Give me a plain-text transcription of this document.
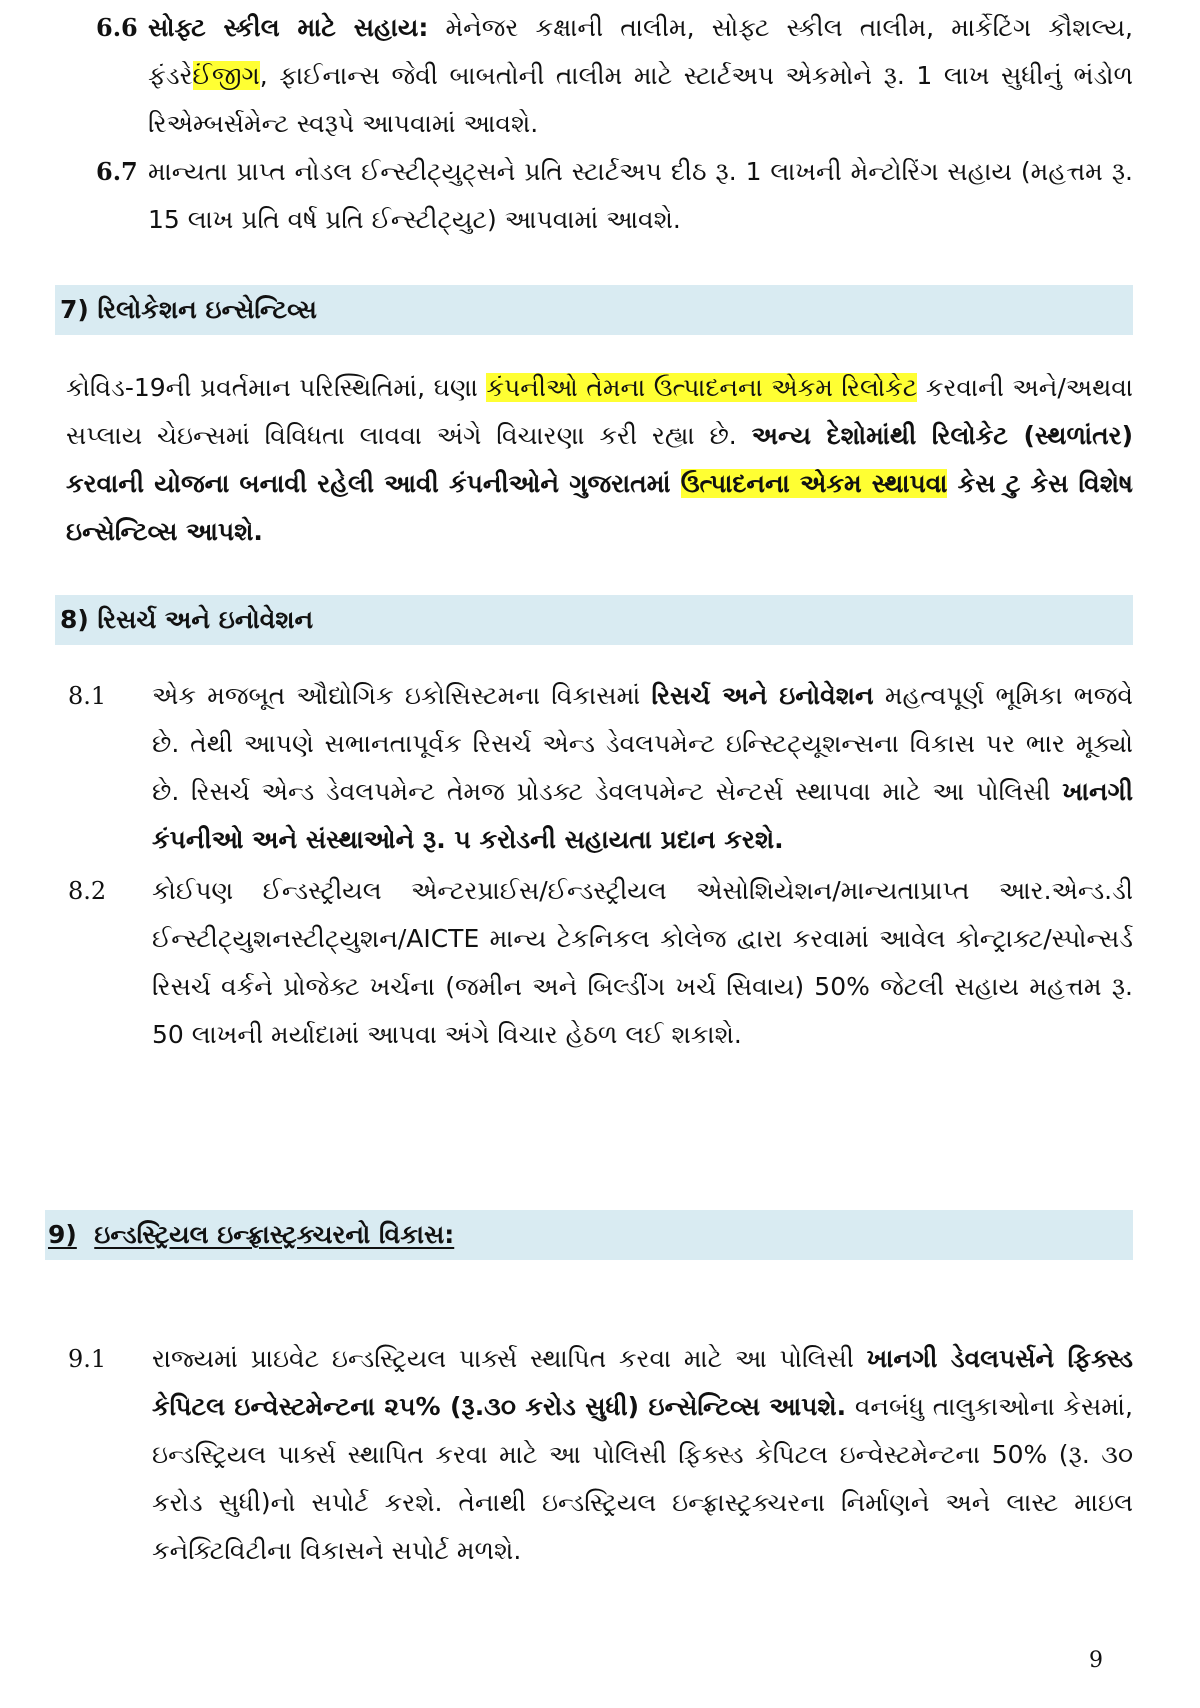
6.6 સોફ્ટ સ્કીલ માટે સહાય: મેનેજર કક્ષાની તાલીમ, સોફ્ટ સ્કીલ તાલીમ, માર્કેટિંગ કૌશલ્ય, ફંડરેઈંજીગ, ફાઈનાન્સ જેવી બાબતોની તાલીમ માટે સ્ટાર્ટઅપ એકમોને રૂ. 1 લાખ સુધીનું ભંડોળ રિએમ્બર્સમેન્ટ સ્વરૂપે આપવામાં આવશે.

6.7 માન્યતા પ્રાપ્ત નોડલ ઈન્સ્ટીટ્યુટ્સને પ્રતિ સ્ટાર્ટઅપ દીઠ રૂ. 1 લાખની મેન્ટોરિંગ સહાય (મહત્તમ રૂ. 15 લાખ પ્રતિ વર્ષ પ્રતિ ઈન્સ્ટીટ્યુટ) આપવામાં આવશે.

7) રિલોકેશન ઇન્સેન્ટિવ્સ

કોવિડ-19ની પ્રવર્તમાન પરિસ્થિતિમાં, ઘણા કંપનીઓ તેમના ઉત્પાદનના એકમ રિલોકેટ કરવાની અને/અથવા સપ્લાય ચેઇન્સમાં વિવિધતા લાવવા અંગે વિચારણા કરી રહ્યા છે. અન્ય દેશોમાંથી રિલોકેટ (સ્થળાંતર) કરવાની યોજના બનાવી રહેલી આવી કંપનીઓને ગુજરાતમાં ઉત્પાદનના એકમ સ્થાપવા કેસ ટુ કેસ વિશેષ ઇન્સેન્ટિવ્સ આપશે.

8) રિસર્ચ અને ઇનોવેશન
8.1 એક મજબૂત ઔદ્યોગિક ઇકોસિસ્ટમના વિકાસમાં રિસર્ચ અને ઇનોવેશન મહત્વપૂર્ણ ભૂમિકા ભજવે છે. તેથી આપણે સભાનતાપૂર્વક રિસર્ચ એન્ડ ડેવલપમેન્ટ ઇન્સ્ટિટ્યૂશન્સના વિકાસ પર ભાર મૂક્યો છે. રિસર્ચ એન્ડ ડેવલપમેન્ટ તેમજ પ્રોડક્ટ ડેવલપમેન્ટ સેન્ટર્સ સ્થાપવા માટે આ પોલિસી ખાનગી કંપનીઓ અને સંસ્થાઓને રૂ. ૫ કરોડની સહાયતા પ્રદાન કરશે.

8.2 કોઈપણ ઈન્ડસ્ટ્રીયલ એન્ટરપ્રાઈસ/ઈન્ડસ્ટ્રીયલ એસોશિયેશન/માન્યતાપ્રાપ્ત આર.એન્ડ.ડી ઈન્સ્ટીટ્યુશનસ્ટીટ્યુશન/AICTE માન્ય ટેકનિકલ કોલેજ દ્વારા કરવામાં આવેલ કોન્ટ્રાક્ટ/સ્પોન્સર્ડ રિસર્ચ વર્કને પ્રોજેક્ટ ખર્ચના (જમીન અને બિલ્ડીંગ ખર્ચ સિવાય) 50% જેટલી સહાય મહત્તમ રૂ. 50 લાખની મર્યાદામાં આપવા અંગે વિચાર હેઠળ લઈ શકાશે.

9) ઇન્ડસ્ટ્રિયલ ઇન્ફ્રાસ્ટ્રક્ચરનો વિકાસ:
9.1 રાજ્યમાં પ્રાઇવેટ ઇન્ડસ્ટ્રિયલ પાર્ક્સ સ્થાપિત કરવા માટે આ પોલિસી ખાનગી ડેવલપર્સને ફિક્સ્ડ કેપિટલ ઇન્વેસ્ટમેન્ટના ૨૫% (રૂ.૩૦ કરોડ સુધી) ઇન્સેન્ટિવ્સ આપશે. વનબંધુ તાલુકાઓના કેસમાં, ઇન્ડસ્ટ્રિયલ પાર્ક્સ સ્થાપિત કરવા માટે આ પોલિસી ફિક્સ્ડ કેપિટલ ઇન્વેસ્ટમેન્ટના 50% (રૂ. ૩૦ કરોડ સુધી)નો સપોર્ટ કરશે. તેનાથી ઇન્ડસ્ટ્રિયલ ઇન્ફ્રાસ્ટ્રક્ચરના નિર્માણને અને લાસ્ટ માઇલ કનેક્ટિવિટીના વિકાસને સપોર્ટ મળશે.

9
